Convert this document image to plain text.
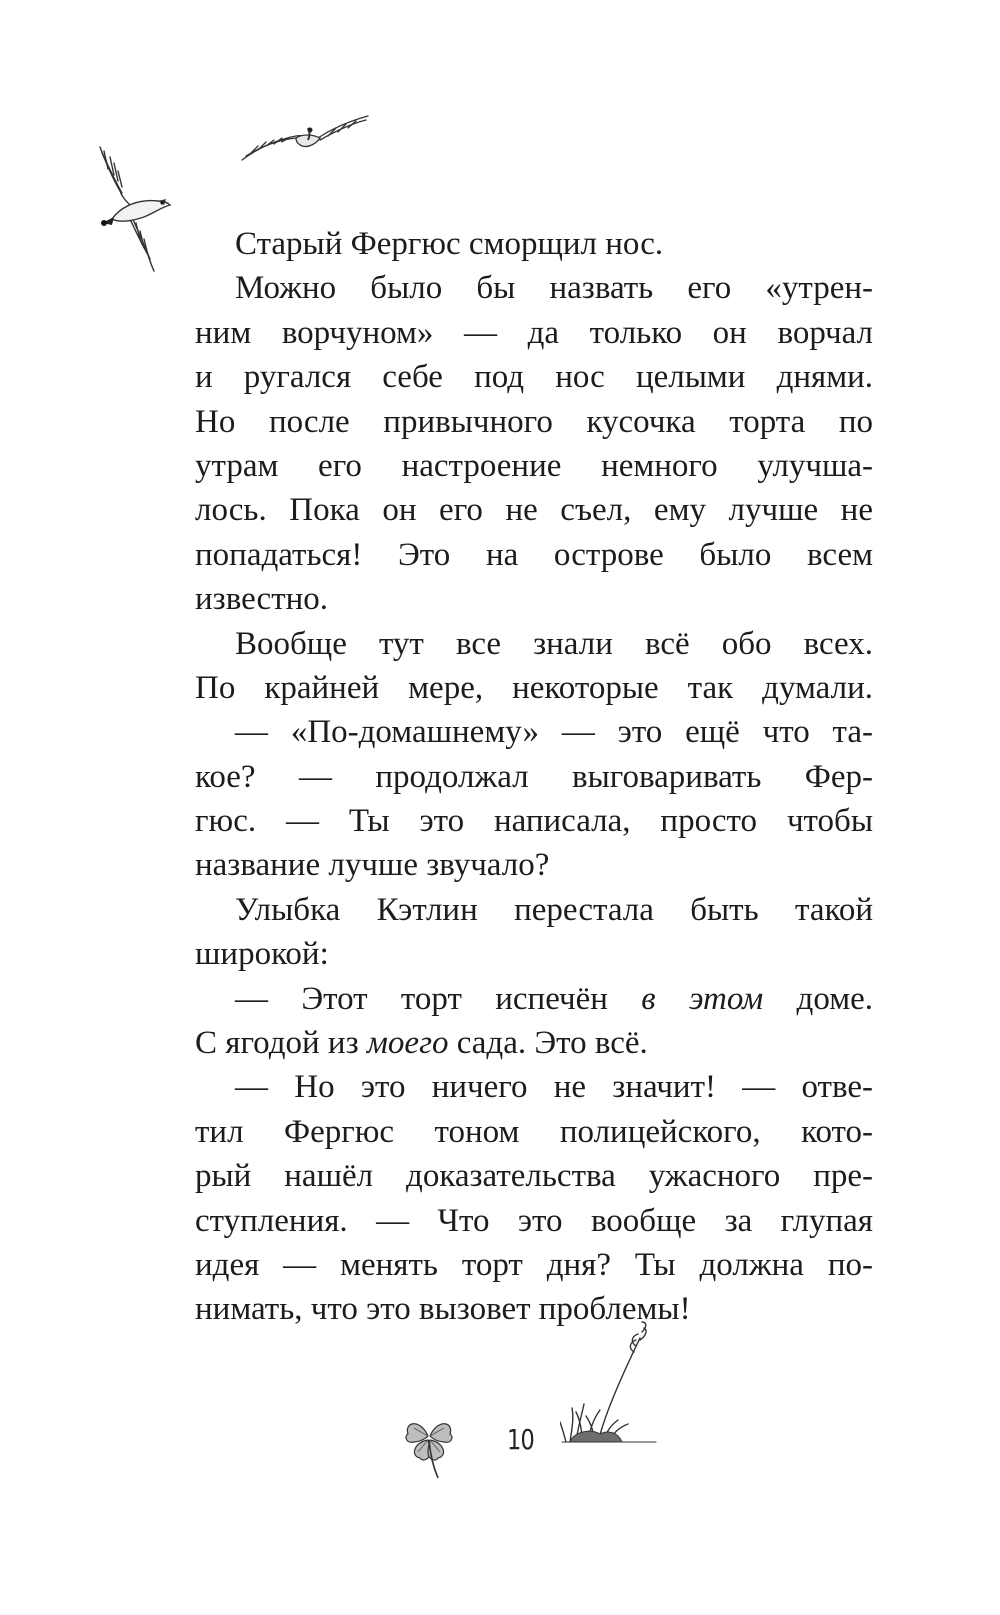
Старый Фергюс сморщил нос.
Можно было бы назвать его «утрен-
ним ворчуном» — да только он ворчал
и ругался себе под нос целыми днями.
Но после привычного кусочка торта по
утрам его настроение немного улучша-
лось. Пока он его не съел, ему лучше не
попадаться! Это на острове было всем
известно.
Вообще тут все знали всё обо всех.
По крайней мере, некоторые так думали.
— «По-домашнему» — это ещё что та-
кое? — продолжал выговаривать Фер-
гюс. — Ты это написала, просто чтобы
название лучше звучало?
Улыбка Кэтлин перестала быть такой
широкой:
— Этот торт испечён в этом доме.
С ягодой из моего сада. Это всё.
— Но это ничего не значит! — отве-
тил Фергюс тоном полицейского, кото-
рый нашёл доказательства ужасного пре-
ступления. — Что это вообще за глупая
идея — менять торт дня? Ты должна по-
нимать, что это вызовет проблемы!
10
